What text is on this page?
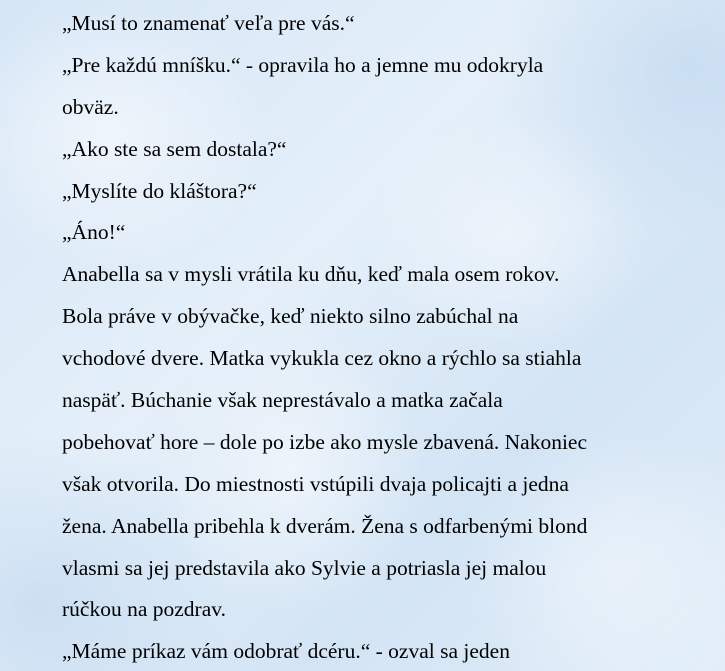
„Musí to znamenať veľa pre vás.“
„Pre každú mníšku.“ - opravila ho a jemne mu odokryla
obväz.
„Ako ste sa sem dostala?“
„Myslíte do kláštora?“
„Áno!“
Anabella sa v mysli vrátila ku dňu, keď mala osem rokov.
Bola práve v obývačke, keď niekto silno zabúchal na
vchodové dvere. Matka vykukla cez okno a rýchlo sa stiahla
naspäť. Búchanie však neprestávalo a matka začala
pobehovať hore – dole po izbe ako mysle zbavená. Nakoniec
však otvorila. Do miestnosti vstúpili dvaja policajti a jedna
žena. Anabella pribehla k dverám. Žena s odfarbenými blond
vlasmi sa jej predstavila ako Sylvie a potriasla jej malou
rúčkou na pozdrav.
„Máme príkaz vám odobrať dcéru.“ - ozval sa jeden
